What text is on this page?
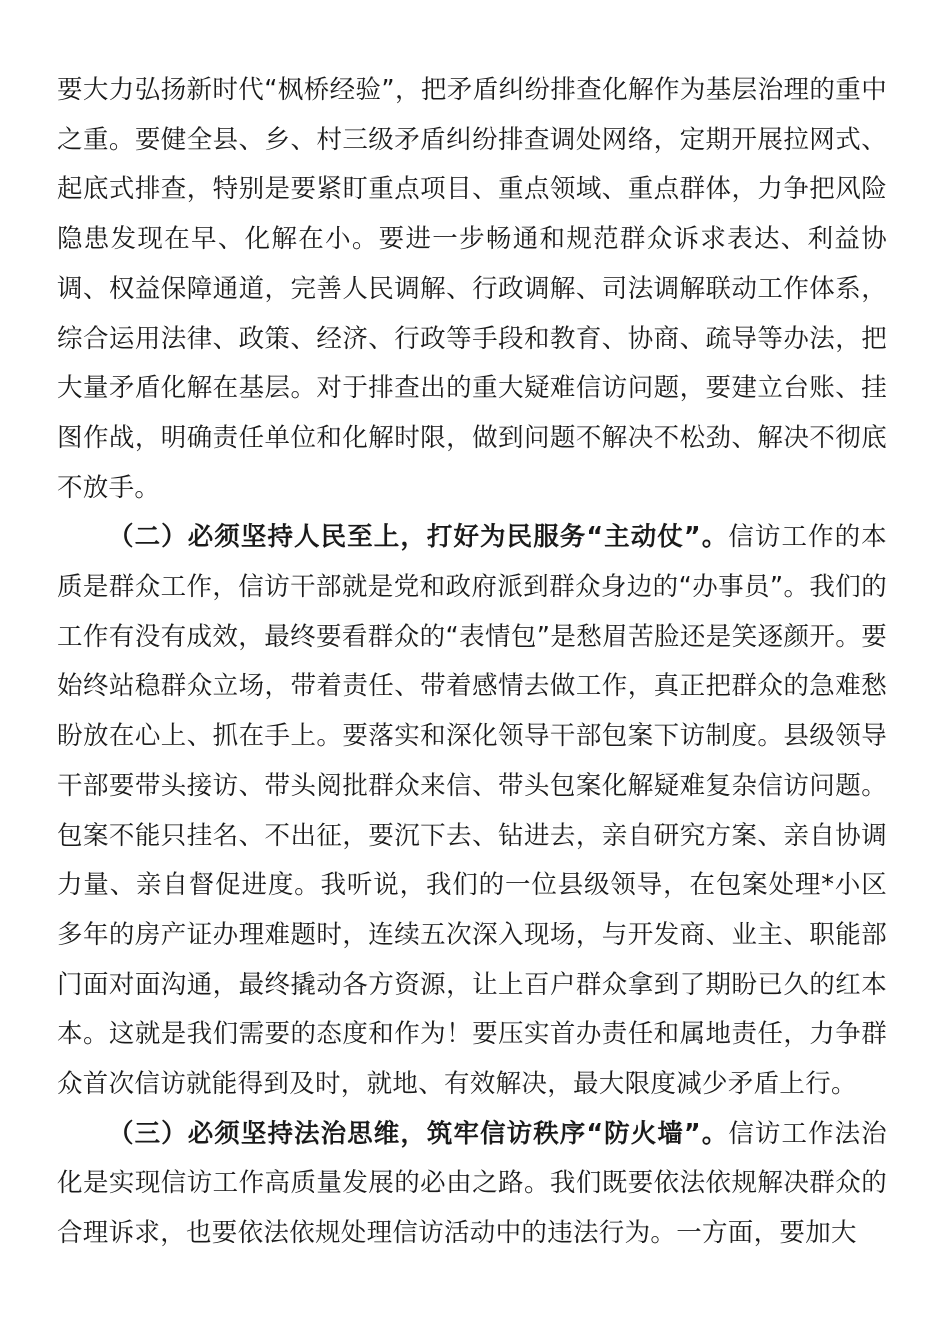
要大力弘扬新时代“枫桥经验”，把矛盾纠纷排查化解作为基层治理的重中之重。要健全县、乡、村三级矛盾纠纷排查调处网络，定期开展拉网式、起底式排查，特别是要紧盯重点项目、重点领域、重点群体，力争把风险隐患发现在早、化解在小。要进一步畅通和规范群众诉求表达、利益协调、权益保障通道，完善人民调解、行政调解、司法调解联动工作体系，综合运用法律、政策、经济、行政等手段和教育、协商、疏导等办法，把大量矛盾化解在基层。对于排查出的重大疑难信访问题，要建立台账、挂图作战，明确责任单位和化解时限，做到问题不解决不松劲、解决不彻底不放手。

（二）必须坚持人民至上，打好为民服务“主动仗”。信访工作的本质是群众工作，信访干部就是党和政府派到群众身边的“办事员”。我们的工作有没有成效，最终要看群众的“表情包”是愁眉苦脸还是笑逐颜开。要始终站稳群众立场，带着责任、带着感情去做工作，真正把群众的急难愁盼放在心上、抓在手上。要落实和深化领导干部包案下访制度。县级领导干部要带头接访、带头阅批群众来信、带头包案化解疑难复杂信访问题。包案不能只挂名、不出征，要沉下去、钻进去，亲自研究方案、亲自协调力量、亲自督促进度。我听说，我们的一位县级领导，在包案处理*小区多年的房产证办理难题时，连续五次深入现场，与开发商、业主、职能部门面对面沟通，最终撬动各方资源，让上百户群众拿到了期盼已久的红本本。这就是我们需要的态度和作为！要压实首办责任和属地责任，力争群众首次信访就能得到及时，就地、有效解决，最大限度减少矛盾上行。

（三）必须坚持法治思维，筑牢信访秩序“防火墙”。信访工作法治化是实现信访工作高质量发展的必由之路。我们既要依法依规解决群众的合理诉求，也要依法依规处理信访活动中的违法行为。一方面，要加大
